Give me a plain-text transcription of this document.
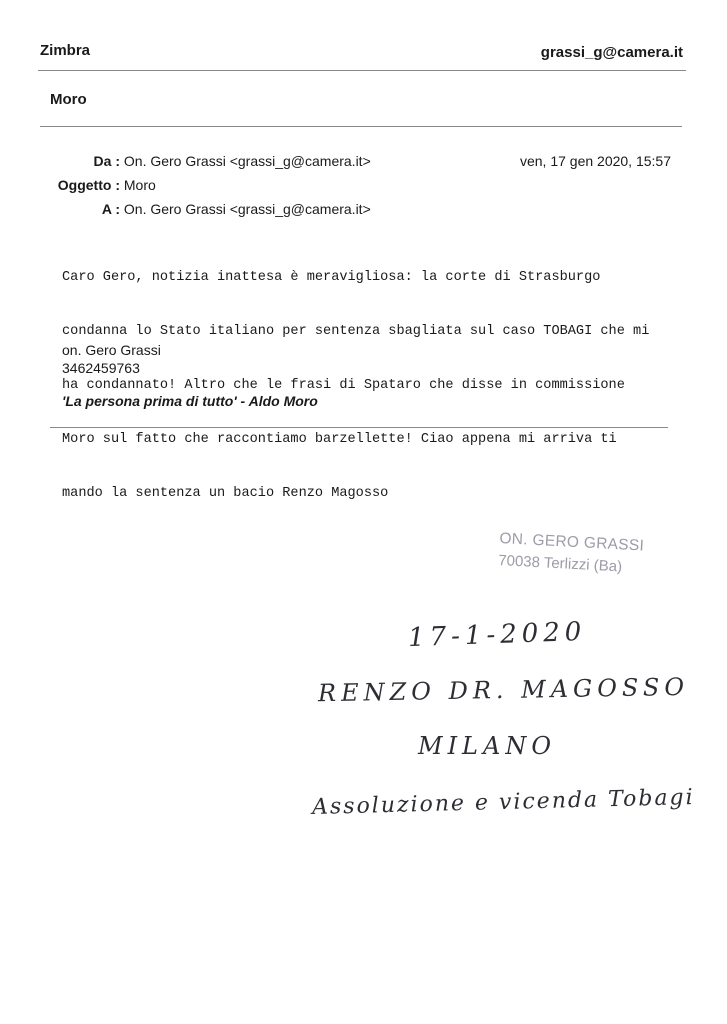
Zimbra	grassi_g@camera.it
Moro
Da : On. Gero Grassi <grassi_g@camera.it>	ven, 17 gen 2020, 15:57
Oggetto : Moro
A : On. Gero Grassi <grassi_g@camera.it>

Caro Gero, notizia inattesa è meravigliosa: la corte di Strasburgo

condanna lo Stato italiano per sentenza sbagliata sul caso TOBAGI che mi

ha condannato! Altro che le frasi di Spataro che disse in commissione

Moro sul fatto che raccontiamo barzellette! Ciao appena mi arriva ti

mando la sentenza un bacio Renzo Magosso

on. Gero Grassi
3462459763
'La persona prima di tutto' - Aldo Moro
ON. GERO GRASSI
70038 Terlizzi (Ba)
17-1-2020
RENZO DR. MAGOSSO
MILANO
Assoluzione e vicenda Tobagi
